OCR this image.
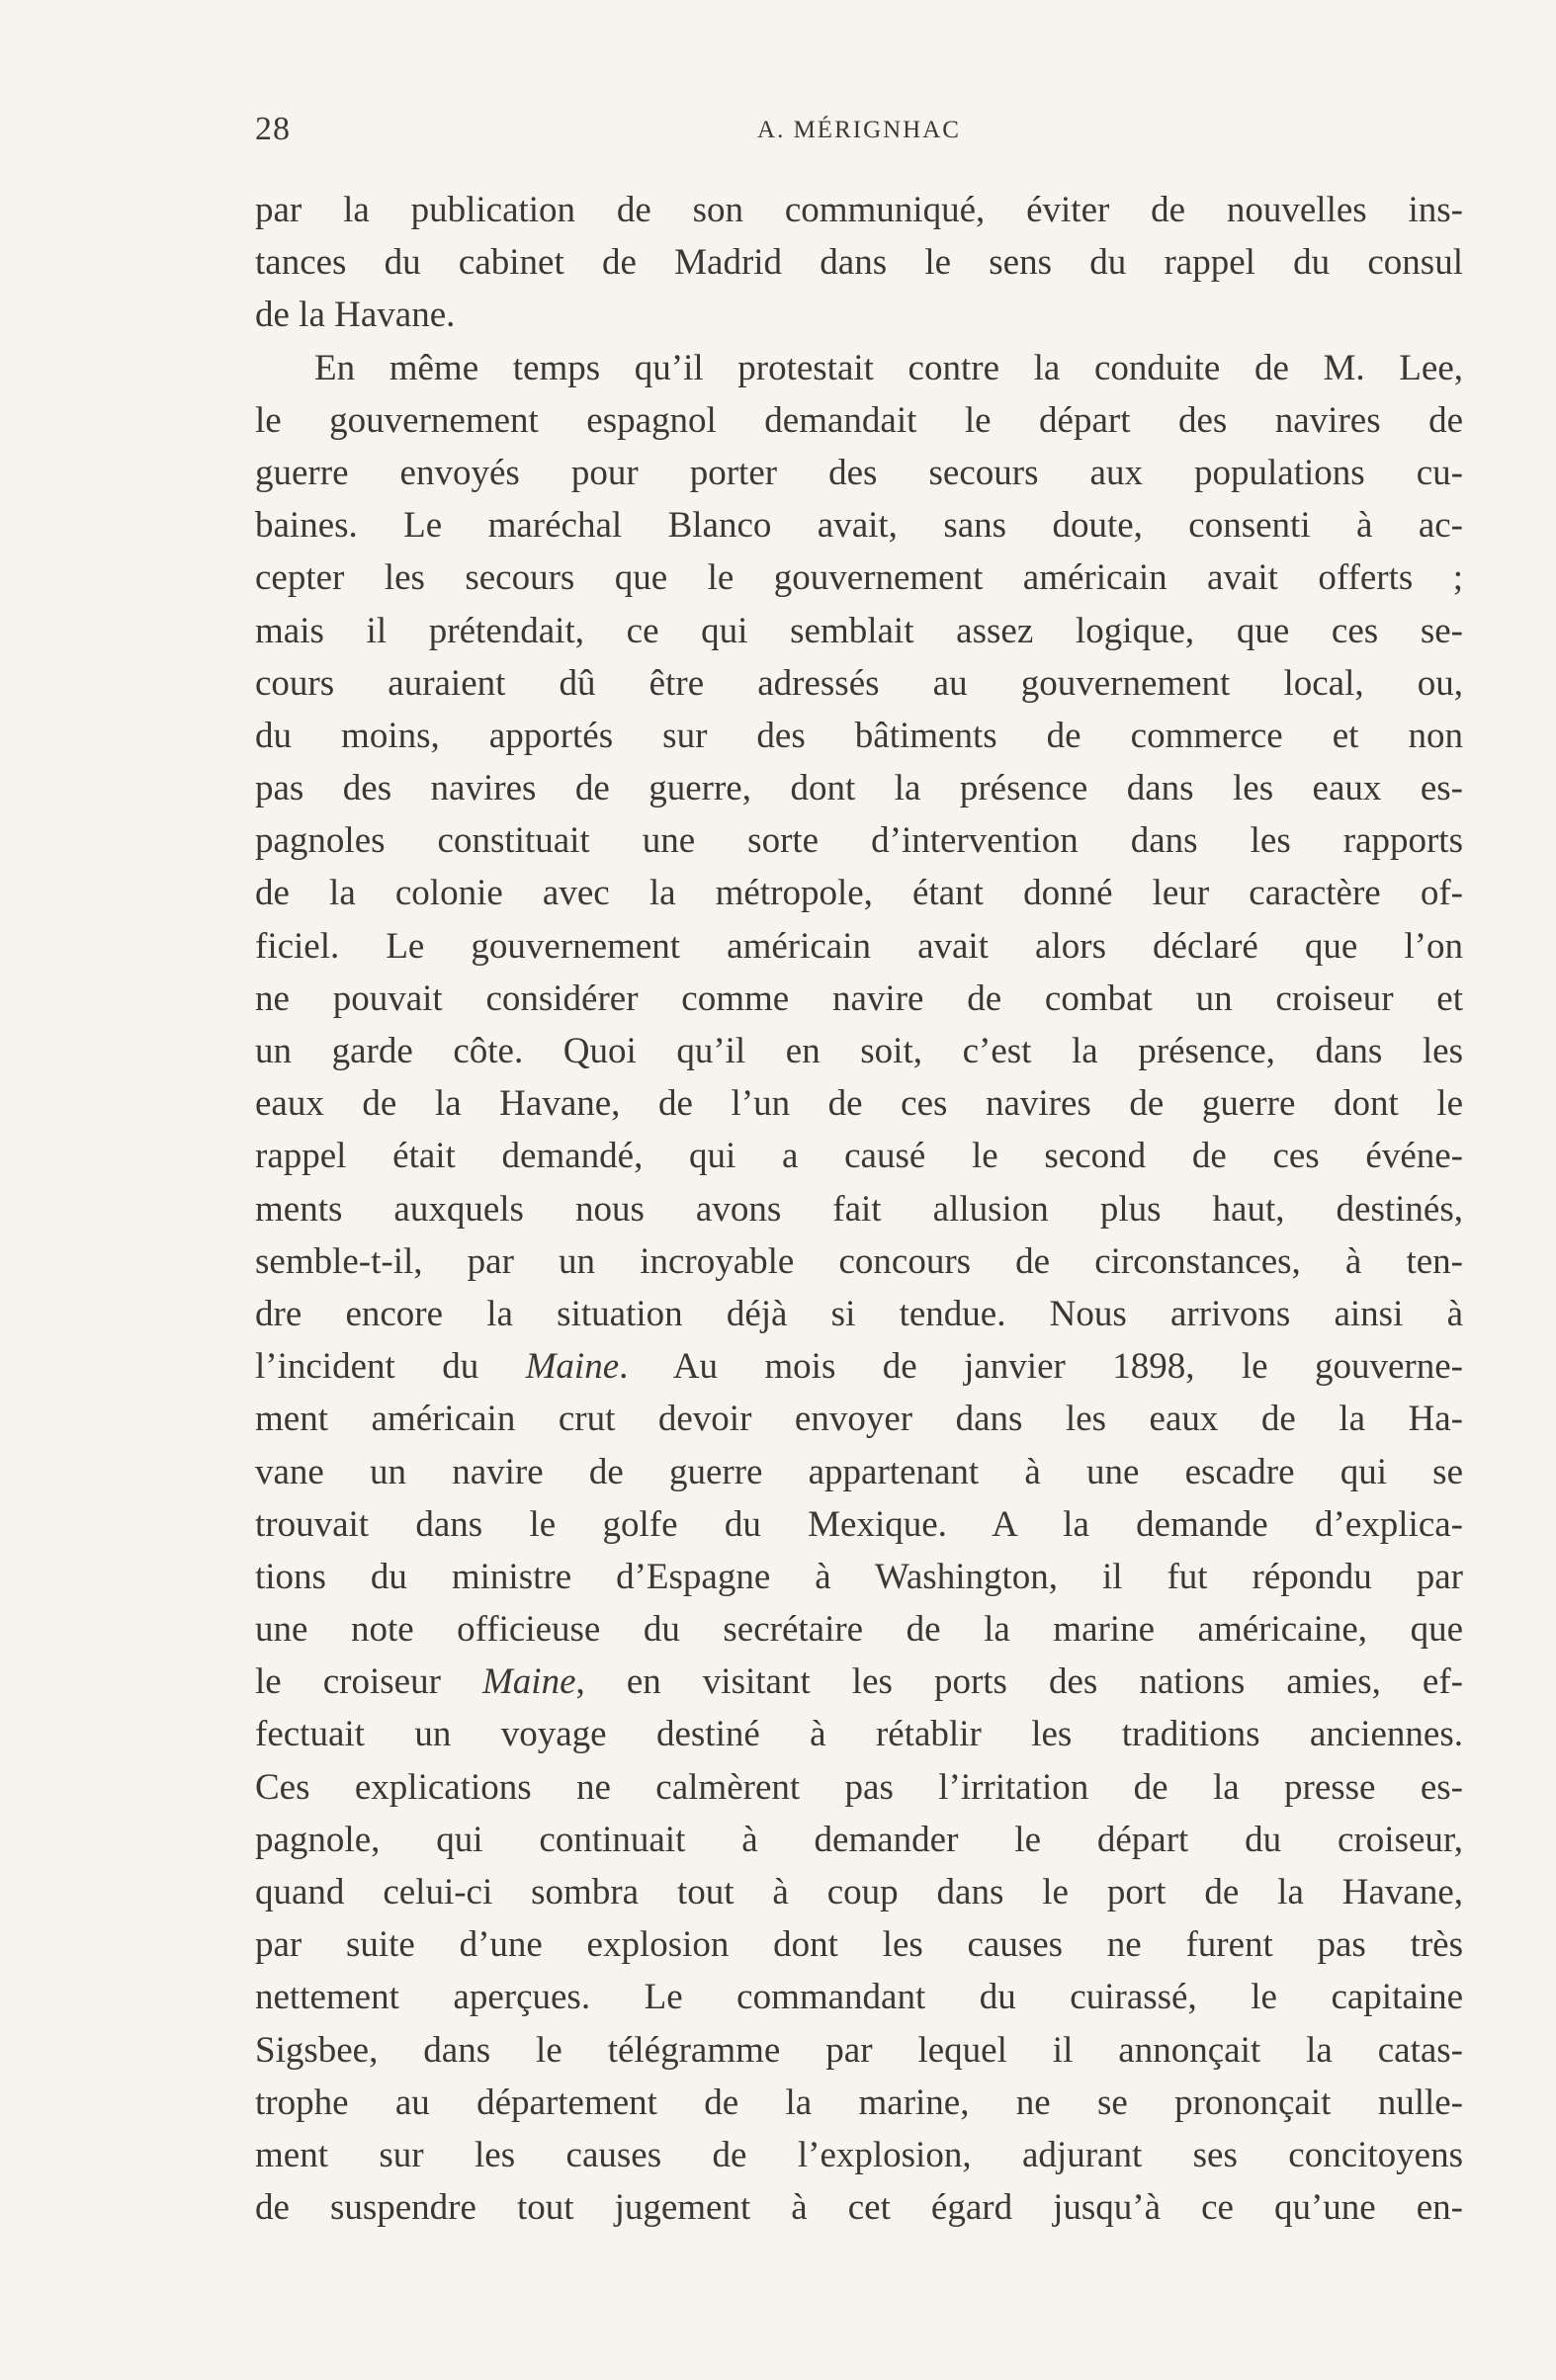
28	A. MÉRIGNHAC
par la publication de son communiqué, éviter de nouvelles ins-
tances du cabinet de Madrid dans le sens du rappel du consul
de la Havane.
En même temps qu’il protestait contre la conduite de M. Lee,
le gouvernement espagnol demandait le départ des navires de
guerre envoyés pour porter des secours aux populations cu-
baines. Le maréchal Blanco avait, sans doute, consenti à ac-
cepter les secours que le gouvernement américain avait offerts ;
mais il prétendait, ce qui semblait assez logique, que ces se-
cours auraient dû être adressés au gouvernement local, ou,
du moins, apportés sur des bâtiments de commerce et non
pas des navires de guerre, dont la présence dans les eaux es-
pagnoles constituait une sorte d’intervention dans les rapports
de la colonie avec la métropole, étant donné leur caractère of-
ficiel. Le gouvernement américain avait alors déclaré que l’on
ne pouvait considérer comme navire de combat un croiseur et
un garde côte. Quoi qu’il en soit, c’est la présence, dans les
eaux de la Havane, de l’un de ces navires de guerre dont le
rappel était demandé, qui a causé le second de ces événe-
ments auxquels nous avons fait allusion plus haut, destinés,
semble-t-il, par un incroyable concours de circonstances, à ten-
dre encore la situation déjà si tendue. Nous arrivons ainsi à
l’incident du Maine. Au mois de janvier 1898, le gouverne-
ment américain crut devoir envoyer dans les eaux de la Ha-
vane un navire de guerre appartenant à une escadre qui se
trouvait dans le golfe du Mexique. A la demande d’explica-
tions du ministre d’Espagne à Washington, il fut répondu par
une note officieuse du secrétaire de la marine américaine, que
le croiseur Maine, en visitant les ports des nations amies, ef-
fectuait un voyage destiné à rétablir les traditions anciennes.
Ces explications ne calmèrent pas l’irritation de la presse es-
pagnole, qui continuait à demander le départ du croiseur,
quand celui-ci sombra tout à coup dans le port de la Havane,
par suite d’une explosion dont les causes ne furent pas très
nettement aperçues. Le commandant du cuirassé, le capitaine
Sigsbee, dans le télégramme par lequel il annonçait la catas-
trophe au département de la marine, ne se prononçait nulle-
ment sur les causes de l’explosion, adjurant ses concitoyens
de suspendre tout jugement à cet égard jusqu’à ce qu’une en-
